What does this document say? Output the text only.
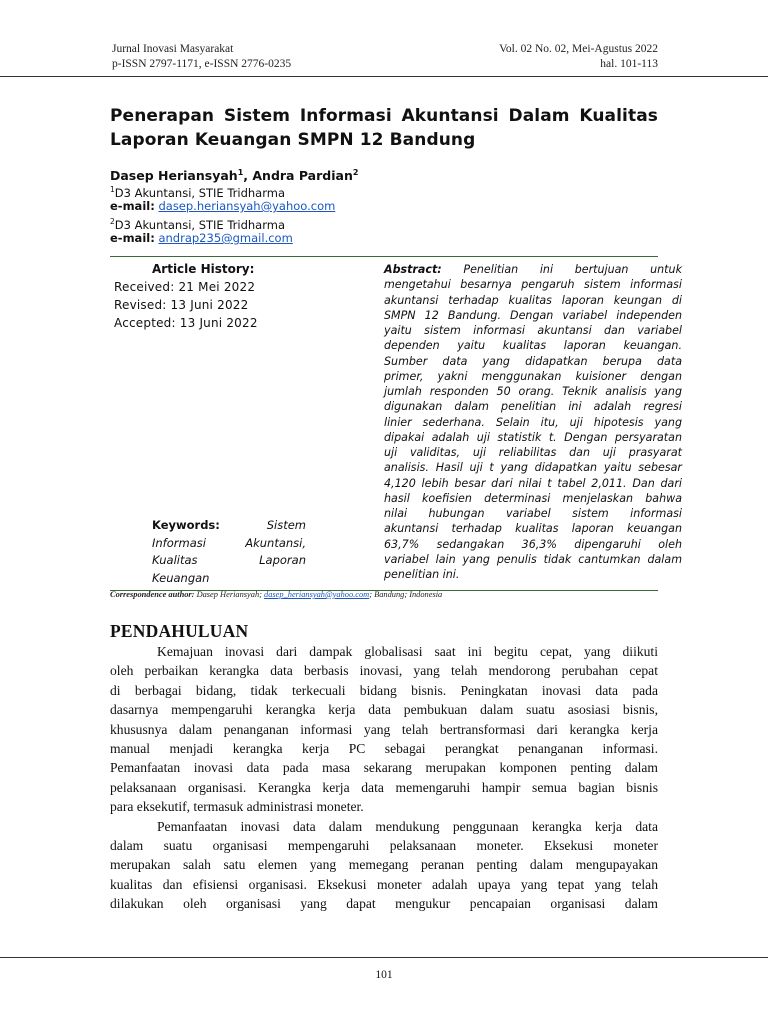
Jurnal Inovasi Masyarakat
p-ISSN 2797-1171, e-ISSN 2776-0235
Vol. 02 No. 02, Mei-Agustus 2022
hal. 101-113
Penerapan Sistem Informasi Akuntansi Dalam Kualitas
Laporan Keuangan SMPN 12 Bandung
Dasep Heriansyah$^1$, Andra Pardian$^2$
$^1$D3 Akuntansi, STIE Tridharma
e-mail: dasep.heriansyah@yahoo.com
$^2$D3 Akuntansi, STIE Tridharma
e-mail: andrap235@gmail.com
Article History:
Received: 21 Mei 2022
Revised: 13 Juni 2022
Accepted: 13 Juni 2022
Keywords:	Sistem
Informasi Akuntansi,
Kualitas Laporan
Keuangan
Abstract: Penelitian ini bertujuan untuk
mengetahui besarnya pengaruh sistem informasi
akuntansi terhadap kualitas laporan keungan di
SMPN 12 Bandung. Dengan variabel independen
yaitu sistem informasi akuntansi dan variabel
dependen yaitu kualitas laporan keuangan.
Sumber data yang didapatkan berupa data
primer, yakni menggunakan kuisioner dengan
jumlah responden 50 orang. Teknik analisis yang
digunakan dalam penelitian ini adalah regresi
linier sederhana. Selain itu, uji hipotesis yang
dipakai adalah uji statistik t. Dengan persyaratan
uji validitas, uji reliabilitas dan uji prasyarat
analisis. Hasil uji t yang didapatkan yaitu sebesar
4,120 lebih besar dari nilai t tabel 2,011. Dan dari
hasil koefisien determinasi menjelaskan bahwa
nilai hubungan variabel sistem informasi
akuntansi terhadap kualitas laporan keuangan
63,7% sedangakan 36,3% dipengaruhi oleh
variabel lain yang penulis tidak cantumkan dalam
penelitian ini.
Correspondence author: Dasep Heriansyah; dasep_heriansyah@yahoo.com; Bandung; Indonesia
PENDAHULUAN
Kemajuan inovasi dari dampak globalisasi saat ini begitu cepat, yang diikuti
oleh perbaikan kerangka data berbasis inovasi, yang telah mendorong perubahan cepat
di berbagai bidang, tidak terkecuali bidang bisnis. Peningkatan inovasi data pada
dasarnya mempengaruhi kerangka kerja data pembukuan dalam suatu asosiasi bisnis,
khususnya dalam penanganan informasi yang telah bertransformasi dari kerangka kerja
manual menjadi kerangka kerja PC sebagai perangkat penanganan informasi.
Pemanfaatan inovasi data pada masa sekarang merupakan komponen penting dalam
pelaksanaan organisasi. Kerangka kerja data memengaruhi hampir semua bagian bisnis
para eksekutif, termasuk administrasi moneter.
Pemanfaatan inovasi data dalam mendukung penggunaan kerangka kerja data
dalam suatu organisasi mempengaruhi pelaksanaan moneter. Eksekusi moneter
merupakan salah satu elemen yang memegang peranan penting dalam mengupayakan
kualitas dan efisiensi organisasi. Eksekusi moneter adalah upaya yang tepat yang telah
dilakukan oleh organisasi yang dapat mengukur pencapaian organisasi dalam
101
